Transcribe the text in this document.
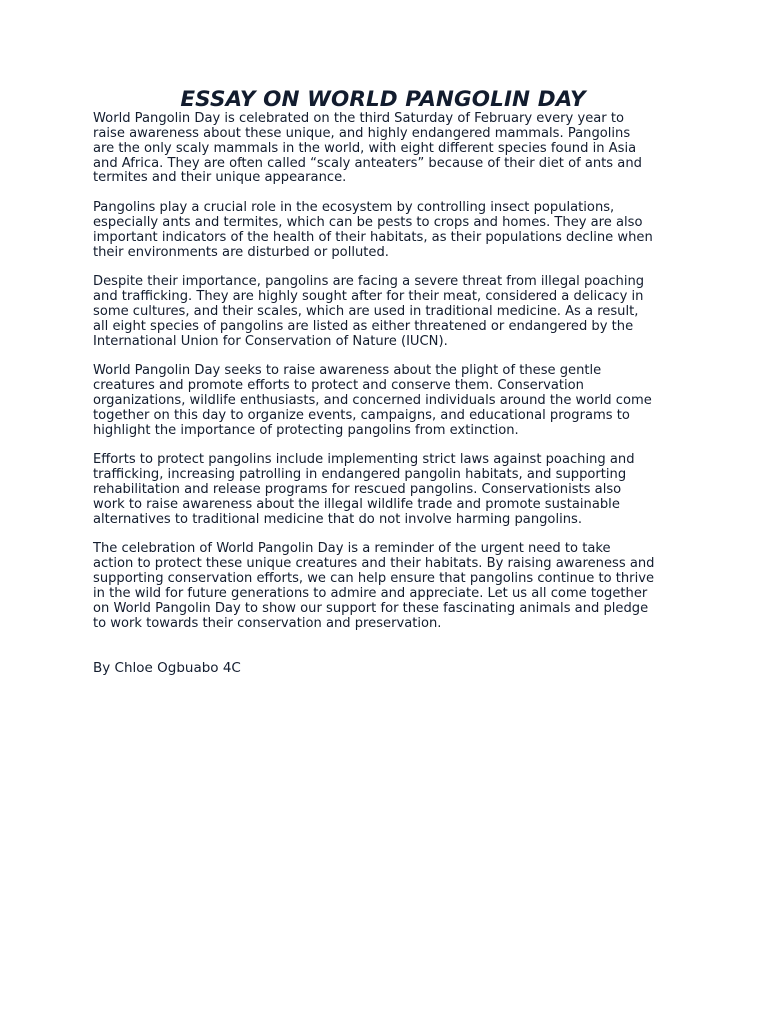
ESSAY ON WORLD PANGOLIN DAY

World Pangolin Day is celebrated on the third Saturday of February every year to
raise awareness about these unique, and highly endangered mammals. Pangolins
are the only scaly mammals in the world, with eight different species found in Asia
and Africa. They are often called “scaly anteaters” because of their diet of ants and
termites and their unique appearance.

Pangolins play a crucial role in the ecosystem by controlling insect populations,
especially ants and termites, which can be pests to crops and homes. They are also
important indicators of the health of their habitats, as their populations decline when
their environments are disturbed or polluted.

Despite their importance, pangolins are facing a severe threat from illegal poaching
and trafficking. They are highly sought after for their meat, considered a delicacy in
some cultures, and their scales, which are used in traditional medicine. As a result,
all eight species of pangolins are listed as either threatened or endangered by the
International Union for Conservation of Nature (IUCN).

World Pangolin Day seeks to raise awareness about the plight of these gentle
creatures and promote efforts to protect and conserve them. Conservation
organizations, wildlife enthusiasts, and concerned individuals around the world come
together on this day to organize events, campaigns, and educational programs to
highlight the importance of protecting pangolins from extinction.

Efforts to protect pangolins include implementing strict laws against poaching and
trafficking, increasing patrolling in endangered pangolin habitats, and supporting
rehabilitation and release programs for rescued pangolins. Conservationists also
work to raise awareness about the illegal wildlife trade and promote sustainable
alternatives to traditional medicine that do not involve harming pangolins.

The celebration of World Pangolin Day is a reminder of the urgent need to take
action to protect these unique creatures and their habitats. By raising awareness and
supporting conservation efforts, we can help ensure that pangolins continue to thrive
in the wild for future generations to admire and appreciate. Let us all come together
on World Pangolin Day to show our support for these fascinating animals and pledge
to work towards their conservation and preservation.

By Chloe Ogbuabo 4C
